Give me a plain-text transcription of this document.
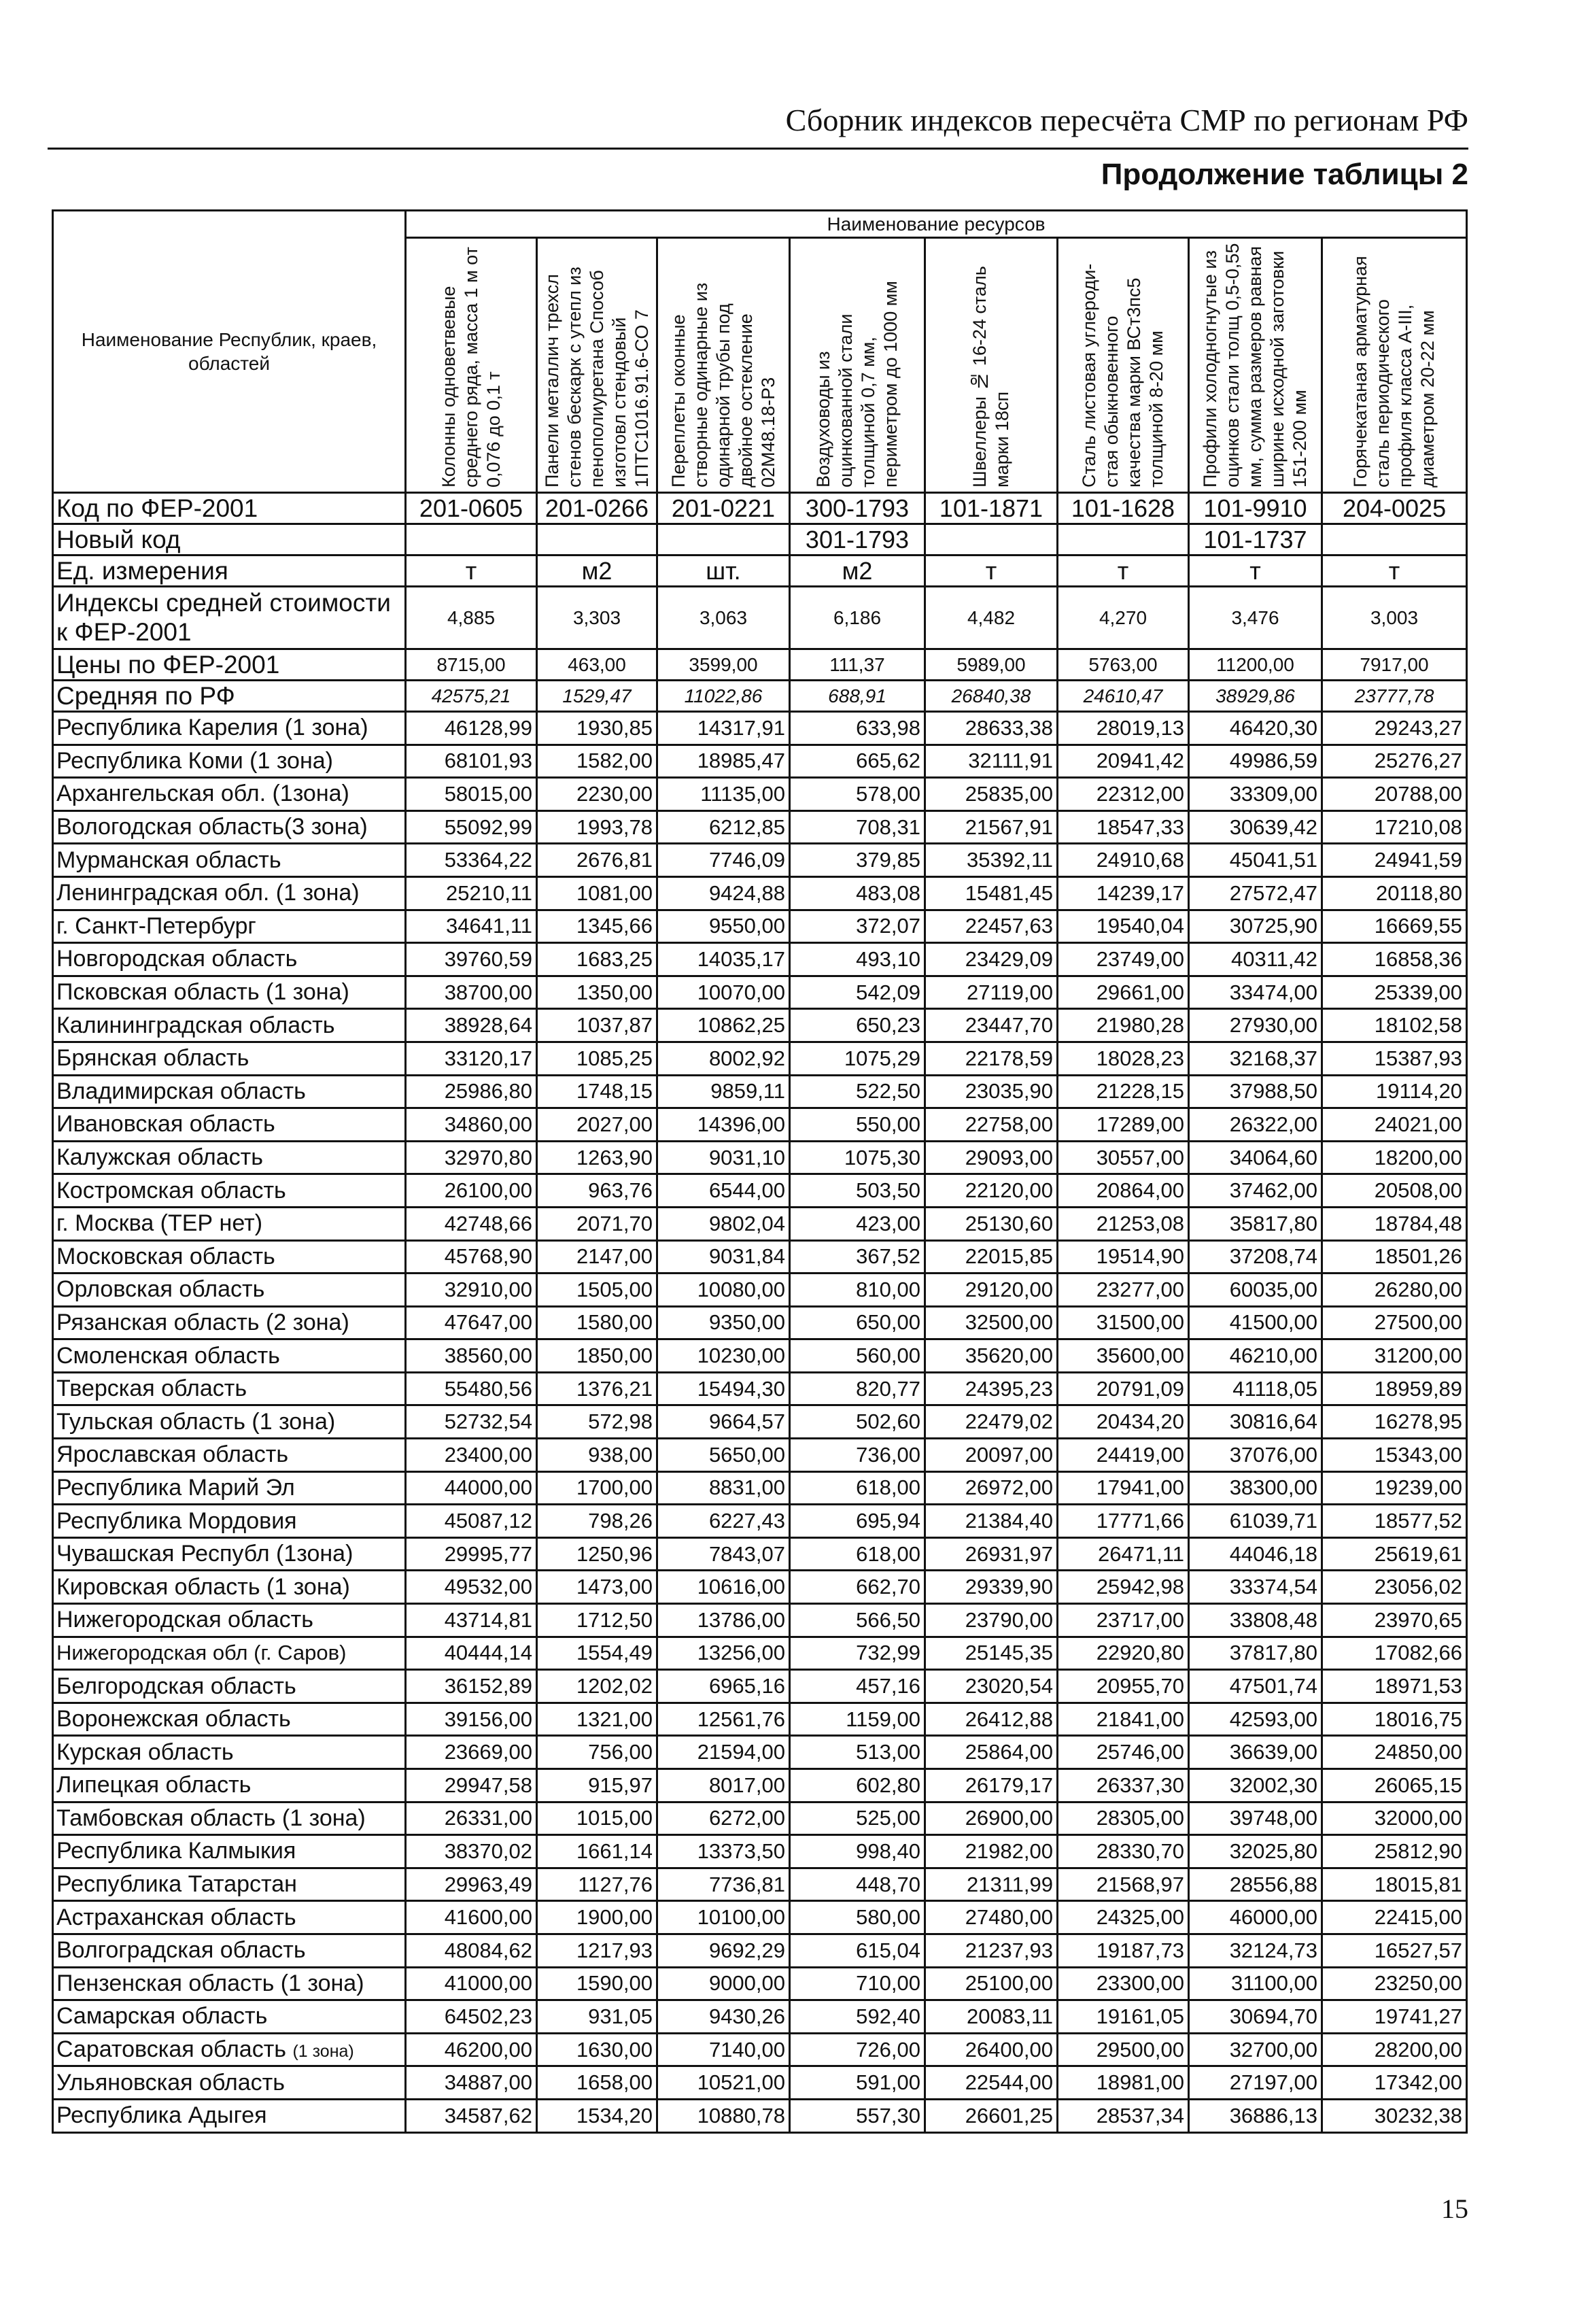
Сборник индексов пересчёта СМР по регионам РФ
Продолжение таблицы 2
Наименование Республик, краев, областей	Наименование ресурсов							

	Колонны одноветвевые среднего ряда, масса 1 м от 0,076 до 0,1 т	Панели металлич трехсл стенов бескарк с утепл из пенополиуретана Способ изготовл стендовый 1ПТС1016.91.6-СО 7	Переплеты оконные створные одинарные из одинарной трубы под двойное остекление 02М48.18-Р3	Воздуховоды из оцинкованной стали толщиной 0,7 мм, периметром до 1000 мм	Швеллеры № 16-24 сталь марки 18сп	Сталь листовая углероди-стая обыкновенного качества марки ВСт3пс5 толщиной 8-20 мм	Профили холодногнутые из оцинков стали толщ 0,5-0,55 мм, сумма размеров равная ширине исходной заготовки 151-200 мм	Горячекатаная арматурная сталь периодического профиля класса А-III, диаметром 20-22 мм

Код по ФЕР-2001	201-0605	201-0266	201-0221	300-1793	101-1871	101-1628	101-9910	204-0025
Новый код				301-1793			101-1737	
Ед. измерения	т	м2	шт.	м2	т	т	т	т
Индексы средней стоимости к ФЕР-2001	4,885	3,303	3,063	6,186	4,482	4,270	3,476	3,003
Цены по ФЕР-2001	8715,00	463,00	3599,00	111,37	5989,00	5763,00	11200,00	7917,00
Средняя по РФ	42575,21	1529,47	11022,86	688,91	26840,38	24610,47	38929,86	23777,78
Республика Карелия (1 зона)	46128,99	1930,85	14317,91	633,98	28633,38	28019,13	46420,30	29243,27
Республика Коми (1 зона)	68101,93	1582,00	18985,47	665,62	32111,91	20941,42	49986,59	25276,27
Архангельская обл. (1зона)	58015,00	2230,00	11135,00	578,00	25835,00	22312,00	33309,00	20788,00
Вологодская область(3 зона)	55092,99	1993,78	6212,85	708,31	21567,91	18547,33	30639,42	17210,08
Мурманская область	53364,22	2676,81	7746,09	379,85	35392,11	24910,68	45041,51	24941,59
Ленинградская обл. (1 зона)	25210,11	1081,00	9424,88	483,08	15481,45	14239,17	27572,47	20118,80
г. Санкт-Петербург	34641,11	1345,66	9550,00	372,07	22457,63	19540,04	30725,90	16669,55
Новгородская область	39760,59	1683,25	14035,17	493,10	23429,09	23749,00	40311,42	16858,36
Псковская область (1 зона)	38700,00	1350,00	10070,00	542,09	27119,00	29661,00	33474,00	25339,00
Калининградская область	38928,64	1037,87	10862,25	650,23	23447,70	21980,28	27930,00	18102,58
Брянская область	33120,17	1085,25	8002,92	1075,29	22178,59	18028,23	32168,37	15387,93
Владимирская область	25986,80	1748,15	9859,11	522,50	23035,90	21228,15	37988,50	19114,20
Ивановская область	34860,00	2027,00	14396,00	550,00	22758,00	17289,00	26322,00	24021,00
Калужская область	32970,80	1263,90	9031,10	1075,30	29093,00	30557,00	34064,60	18200,00
Костромская область	26100,00	963,76	6544,00	503,50	22120,00	20864,00	37462,00	20508,00
г. Москва (ТЕР нет)	42748,66	2071,70	9802,04	423,00	25130,60	21253,08	35817,80	18784,48
Московская область	45768,90	2147,00	9031,84	367,52	22015,85	19514,90	37208,74	18501,26
Орловская область	32910,00	1505,00	10080,00	810,00	29120,00	23277,00	60035,00	26280,00
Рязанская область (2 зона)	47647,00	1580,00	9350,00	650,00	32500,00	31500,00	41500,00	27500,00
Смоленская область	38560,00	1850,00	10230,00	560,00	35620,00	35600,00	46210,00	31200,00
Тверская область	55480,56	1376,21	15494,30	820,77	24395,23	20791,09	41118,05	18959,89
Тульская область (1 зона)	52732,54	572,98	9664,57	502,60	22479,02	20434,20	30816,64	16278,95
Ярославская область	23400,00	938,00	5650,00	736,00	20097,00	24419,00	37076,00	15343,00
Республика Марий Эл	44000,00	1700,00	8831,00	618,00	26972,00	17941,00	38300,00	19239,00
Республика Мордовия	45087,12	798,26	6227,43	695,94	21384,40	17771,66	61039,71	18577,52
Чувашская Республ (1зона)	29995,77	1250,96	7843,07	618,00	26931,97	26471,11	44046,18	25619,61
Кировская область (1 зона)	49532,00	1473,00	10616,00	662,70	29339,90	25942,98	33374,54	23056,02
Нижегородская область	43714,81	1712,50	13786,00	566,50	23790,00	23717,00	33808,48	23970,65
Нижегородская обл (г. Саров)	40444,14	1554,49	13256,00	732,99	25145,35	22920,80	37817,80	17082,66
Белгородская область	36152,89	1202,02	6965,16	457,16	23020,54	20955,70	47501,74	18971,53
Воронежская область	39156,00	1321,00	12561,76	1159,00	26412,88	21841,00	42593,00	18016,75
Курская область	23669,00	756,00	21594,00	513,00	25864,00	25746,00	36639,00	24850,00
Липецкая область	29947,58	915,97	8017,00	602,80	26179,17	26337,30	32002,30	26065,15
Тамбовская область (1 зона)	26331,00	1015,00	6272,00	525,00	26900,00	28305,00	39748,00	32000,00
Республика Калмыкия	38370,02	1661,14	13373,50	998,40	21982,00	28330,70	32025,80	25812,90
Республика Татарстан	29963,49	1127,76	7736,81	448,70	21311,99	21568,97	28556,88	18015,81
Астраханская область	41600,00	1900,00	10100,00	580,00	27480,00	24325,00	46000,00	22415,00
Волгоградская область	48084,62	1217,93	9692,29	615,04	21237,93	19187,73	32124,73	16527,57
Пензенская область (1 зона)	41000,00	1590,00	9000,00	710,00	25100,00	23300,00	31100,00	23250,00
Самарская область	64502,23	931,05	9430,26	592,40	20083,11	19161,05	30694,70	19741,27
Саратовская область (1 зона)	46200,00	1630,00	7140,00	726,00	26400,00	29500,00	32700,00	28200,00
Ульяновская область	34887,00	1658,00	10521,00	591,00	22544,00	18981,00	27197,00	17342,00
Республика Адыгея	34587,62	1534,20	10880,78	557,30	26601,25	28537,34	36886,13	30232,38
15
